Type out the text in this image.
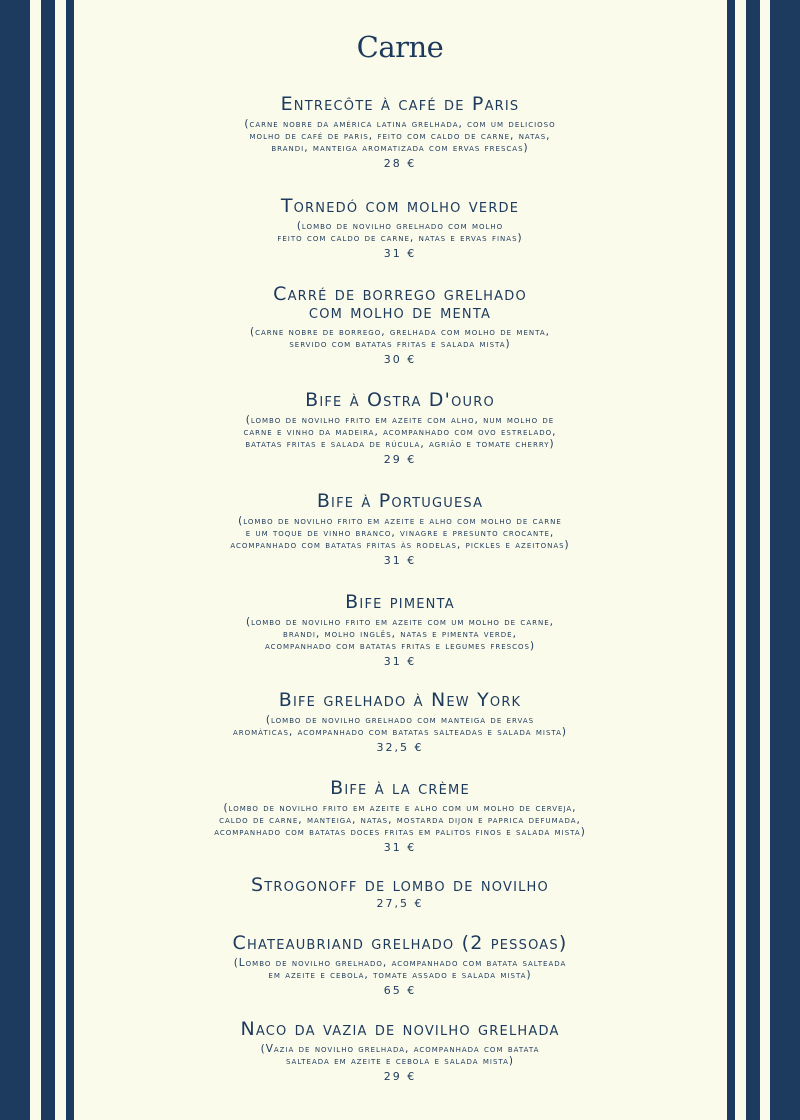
Carne
Entrecôte à café de Paris
(carne nobre da américa latina grelhada, com um delicioso
molho de café de paris, feito com caldo de carne, natas,
brandi, manteiga aromatizada com ervas frescas)
28 €
Tornedó com molho verde
(lombo de novilho grelhado com molho
feito com caldo de carne, natas e ervas finas)
31 €
Carré de borrego grelhado
com molho de menta
(carne nobre de borrego, grelhada com molho de menta,
servido com batatas fritas e salada mista)
30 €
Bife à Ostra D'ouro
(lombo de novilho frito em azeite com alho, num molho de
carne e vinho da madeira, acompanhado com ovo estrelado,
batatas fritas e salada de rúcula, agrião e tomate cherry)
29 €
Bife à Portuguesa
(lombo de novilho frito em azeite e alho com molho de carne
e um toque de vinho branco, vinagre e presunto crocante,
acompanhado com batatas fritas às rodelas, pickles e azeitonas)
31 €
Bife pimenta
(lombo de novilho frito em azeite com um molho de carne,
brandi, molho inglês, natas e pimenta verde,
acompanhado com batatas fritas e legumes frescos)
31 €
Bife grelhado à New York
(lombo de novilho grelhado com manteiga de ervas
aromáticas, acompanhado com batatas salteadas e salada mista)
32,5 €
Bife à la crème
(lombo de novilho frito em azeite e alho com um molho de cerveja,
caldo de carne, manteiga, natas, mostarda dijon e paprica defumada,
acompanhado com batatas doces fritas em palitos finos e salada mista)
31 €
Strogonoff de lombo de novilho
27,5 €
Chateaubriand grelhado (2 pessoas)
(Lombo de novilho grelhado, acompanhado com batata salteada
em azeite e cebola, tomate assado e salada mista)
65 €
Naco da vazia de novilho grelhada
(Vazia de novilho grelhada, acompanhada com batata
salteada em azeite e cebola e salada mista)
29 €
